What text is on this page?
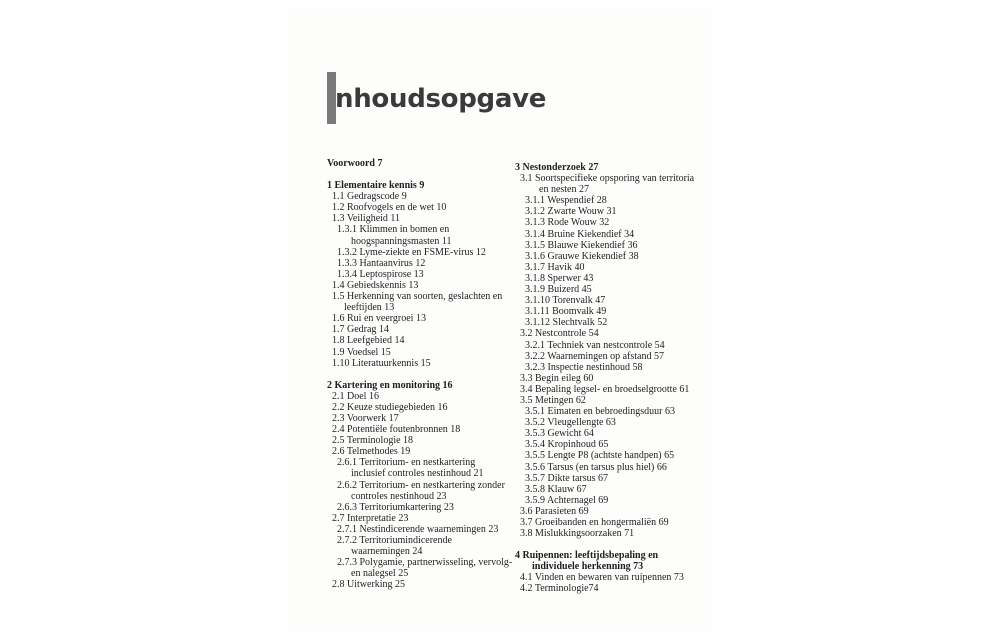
nhoudsopgave
Voorwoord 7
1 Elementaire kennis 9
1.1 Gedragscode 9
1.2 Roofvogels en de wet 10
1.3 Veiligheid 11
1.3.1 Klimmen in bomen en
hoogspanningsmasten 11
1.3.2 Lyme-ziekte en FSME-virus 12
1.3.3 Hantaanvirus 12
1.3.4 Leptospirose 13
1.4 Gebiedskennis 13
1.5 Herkenning van soorten, geslachten en
leeftijden 13
1.6 Rui en veergroei 13
1.7 Gedrag 14
1.8 Leefgebied 14
1.9 Voedsel 15
1.10 Literatuurkennis 15
2 Kartering en monitoring 16
2.1 Doel 16
2.2 Keuze studiegebieden 16
2.3 Voorwerk 17
2.4 Potentiële foutenbronnen 18
2.5 Terminologie 18
2.6 Telmethodes 19
2.6.1 Territorium- en nestkartering
inclusief controles nestinhoud 21
2.6.2 Territorium- en nestkartering zonder
controles nestinhoud 23
2.6.3 Territoriumkartering 23
2.7 Interpretatie 23
2.7.1 Nestindicerende waarnemingen 23
2.7.2 Territoriumindicerende
waarnemingen 24
2.7.3 Polygamie, partnerwisseling, vervolg-
en nalegsel 25
2.8 Uitwerking 25
3 Nestonderzoek 27
3.1 Soortspecifieke opsporing van territoria
en nesten 27
3.1.1 Wespendief 28
3.1.2 Zwarte Wouw 31
3.1.3 Rode Wouw 32
3.1.4 Bruine Kiekendief 34
3.1.5 Blauwe Kiekendief 36
3.1.6 Grauwe Kiekendief 38
3.1.7 Havik 40
3.1.8 Sperwer 43
3.1.9 Buizerd 45
3.1.10 Torenvalk 47
3.1.11 Boomvalk 49
3.1.12 Slechtvalk 52
3.2 Nestcontrole 54
3.2.1 Techniek van nestcontrole 54
3.2.2 Waarnemingen op afstand 57
3.2.3 Inspectie nestinhoud 58
3.3 Begin eileg 60
3.4 Bepaling legsel- en broedselgrootte 61
3.5 Metingen 62
3.5.1 Eimaten en bebroedingsduur 63
3.5.2 Vleugellengte 63
3.5.3 Gewicht 64
3.5.4 Kropinhoud 65
3.5.5 Lengte P8 (achtste handpen) 65
3.5.6 Tarsus (en tarsus plus hiel) 66
3.5.7 Dikte tarsus 67
3.5.8 Klauw 67
3.5.9 Achternagel 69
3.6 Parasieten 69
3.7 Groeibanden en hongermaliën 69
3.8 Mislukkingsoorzaken 71
4 Ruipennen: leeftijdsbepaling en
individuele herkenning 73
4.1 Vinden en bewaren van ruipennen 73
4.2 Terminologie74
